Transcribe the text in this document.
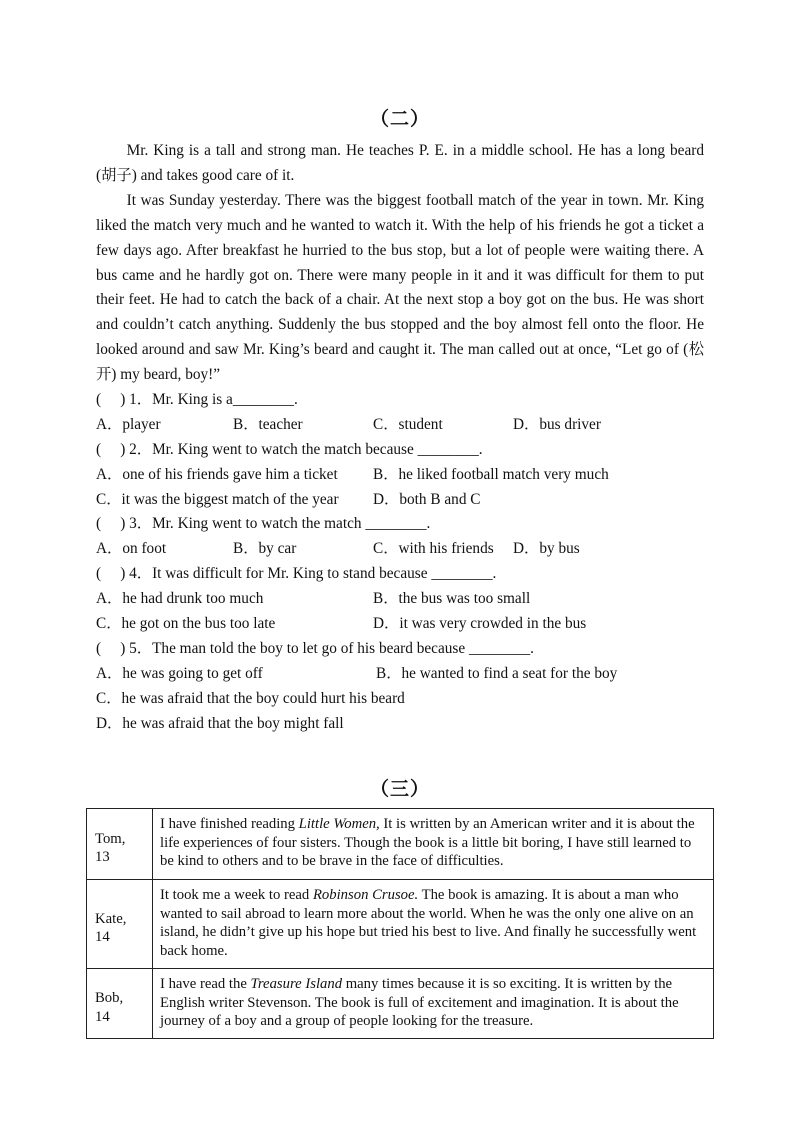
（二）

Mr. King is a tall and strong man. He teaches P. E. in a middle school. He has a long beard (胡子) and takes good care of it.

It was Sunday yesterday. There was the biggest football match of the year in town. Mr. King liked the match very much and he wanted to watch it. With the help of his friends he got a ticket a few days ago. After breakfast he hurried to the bus stop, but a lot of people were waiting there. A bus came and he hardly got on. There were many people in it and it was difficult for them to put their feet. He had to catch the back of a chair. At the next stop a boy got on the bus. He was short and couldn’t catch anything. Suddenly the bus stopped and the boy almost fell onto the floor. He looked around and saw Mr. King’s beard and caught it. The man called out at once, “Let go of (松开) my beard, boy!”

(　 ) 1．Mr. King is a________.
A．player	B．teacher	C．student	D．bus driver
(　 ) 2．Mr. King went to watch the match because ________.
A．one of his friends gave him a ticket B．he liked football match very much
C．it was the biggest match of the year D．both B and C
(　 ) 3．Mr. King went to watch the match ________.
A．on foot	B．by car	C．with his friends D．by bus
(　 ) 4．It was difficult for Mr. King to stand because ________.
A．he had drunk too much	B．the bus was too small
C．he got on the bus too late	D．it was very crowded in the bus
(　 ) 5．The man told the boy to let go of his beard because ________.
A．he was going to get off	B．he wanted to find a seat for the boy
C．he was afraid that the boy could hurt his beard
D．he was afraid that the boy might fall
（三）
Tom,
13	I have finished reading Little Women, It is written by an American writer and it is about the life experiences of four sisters. Though the book is a little bit boring, I have still learned to be kind to others and to be brave in the face of difficulties.

Kate,
14	It took me a week to read Robinson Crusoe. The book is amazing. It is about a man who wanted to sail abroad to learn more about the world. When he was the only one alive on an island, he didn’t give up his hope but tried his best to live. And finally he successfully went back home.

Bob,
14	I have read the Treasure Island many times because it is so exciting. It is written by the English writer Stevenson. The book is full of excitement and imagination. It is about the journey of a boy and a group of people looking for the treasure.
